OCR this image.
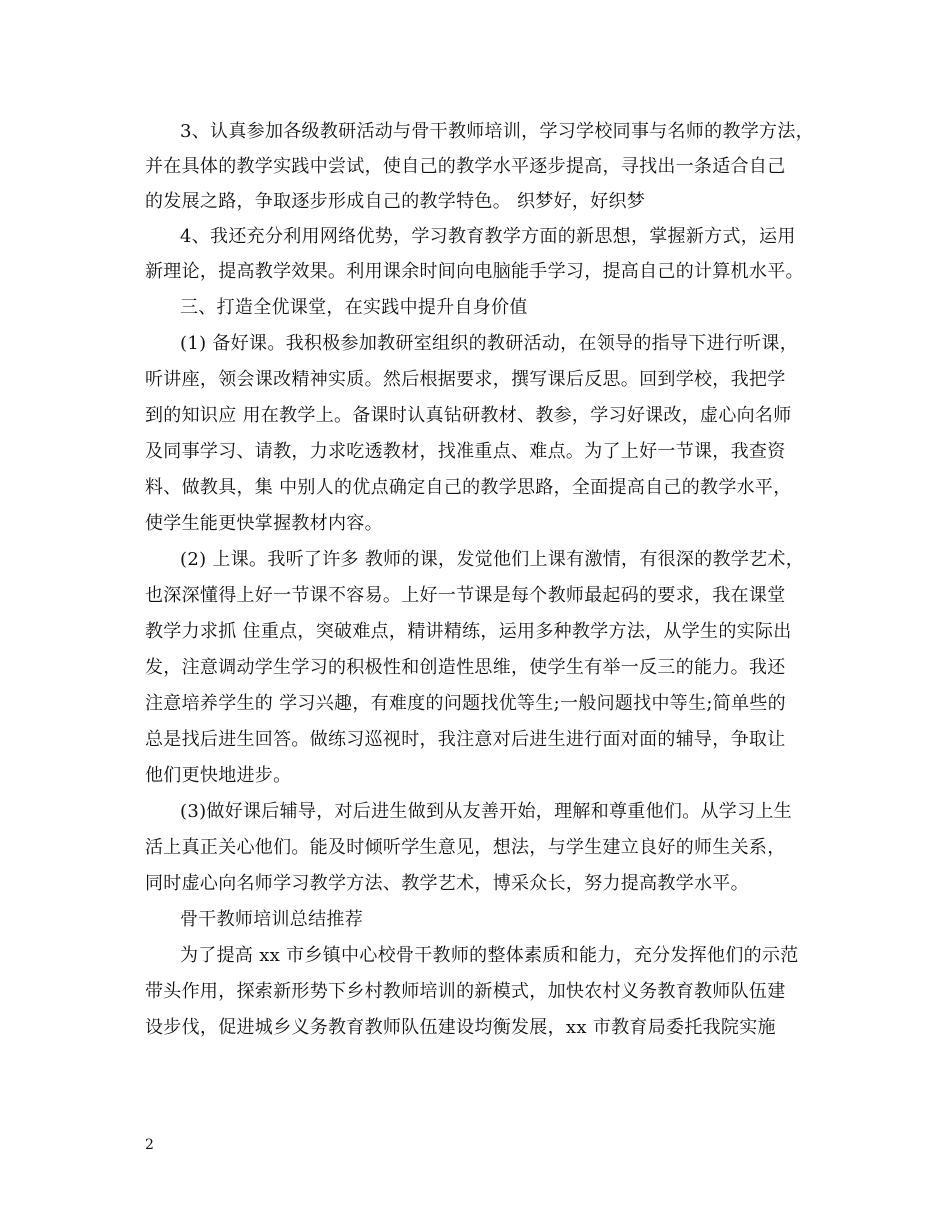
3、认真参加各级教研活动与骨干教师培训，学习学校同事与名师的教学方法，
并在具体的教学实践中尝试，使自己的教学水平逐步提高，寻找出一条适合自己
的发展之路，争取逐步形成自己的教学特色。 织梦好，好织梦
4、我还充分利用网络优势，学习教育教学方面的新思想，掌握新方式，运用
新理论，提高教学效果。利用课余时间向电脑能手学习，提高自己的计算机水平。
三、打造全优课堂，在实践中提升自身价值
(1) 备好课。我积极参加教研室组织的教研活动，在领导的指导下进行听课，
听讲座，领会课改精神实质。然后根据要求，撰写课后反思。回到学校，我把学
到的知识应 用在教学上。备课时认真钻研教材、教参，学习好课改，虚心向名师
及同事学习、请教，力求吃透教材，找准重点、难点。为了上好一节课，我查资
料、做教具，集 中别人的优点确定自己的教学思路，全面提高自己的教学水平，
使学生能更快掌握教材内容。
(2) 上课。我听了许多 教师的课，发觉他们上课有激情，有很深的教学艺术，
也深深懂得上好一节课不容易。上好一节课是每个教师最起码的要求，我在课堂
教学力求抓 住重点，突破难点，精讲精练，运用多种教学方法，从学生的实际出
发，注意调动学生学习的积极性和创造性思维，使学生有举一反三的能力。我还
注意培养学生的 学习兴趣，有难度的问题找优等生;一般问题找中等生;简单些的
总是找后进生回答。做练习巡视时，我注意对后进生进行面对面的辅导，争取让
他们更快地进步。
(3)做好课后辅导，对后进生做到从友善开始，理解和尊重他们。从学习上生
活上真正关心他们。能及时倾听学生意见，想法，与学生建立良好的师生关系，
同时虚心向名师学习教学方法、教学艺术，博采众长，努力提高教学水平。
骨干教师培训总结推荐
为了提高 xx 市乡镇中心校骨干教师的整体素质和能力，充分发挥他们的示范
带头作用，探索新形势下乡村教师培训的新模式，加快农村义务教育教师队伍建
设步伐，促进城乡义务教育教师队伍建设均衡发展，xx 市教育局委托我院实施
2
